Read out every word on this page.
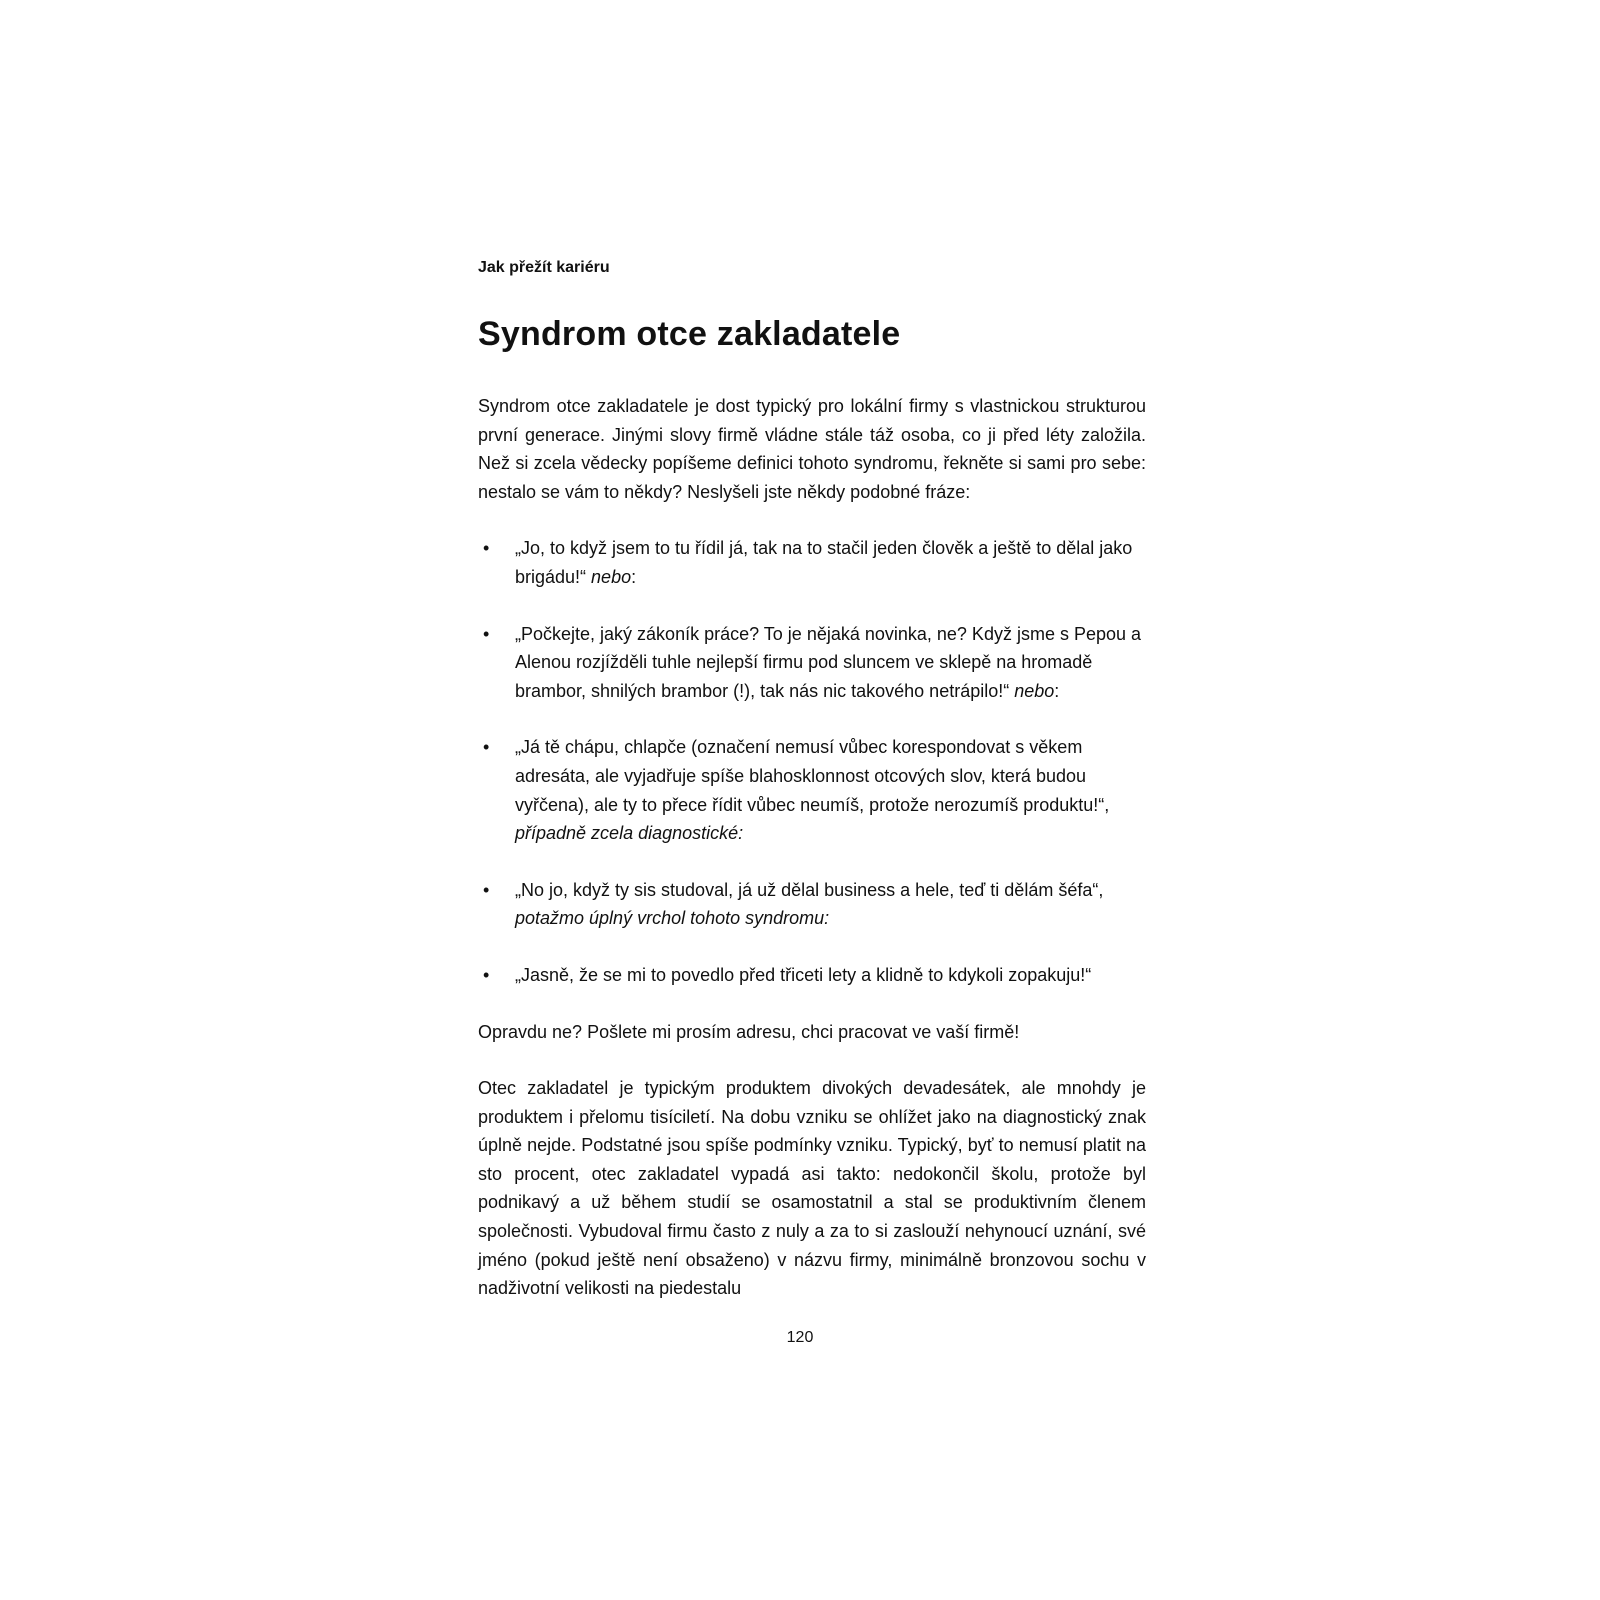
Jak přežít kariéru

Syndrom otce zakladatele

Syndrom otce zakladatele je dost typický pro lokální firmy s vlastnickou strukturou první generace. Jinými slovy firmě vládne stále táž osoba, co ji před léty založila. Než si zcela vědecky popíšeme definici tohoto syndromu, řekněte si sami pro sebe: nestalo se vám to někdy? Neslyšeli jste někdy podobné fráze:

• „Jo, to když jsem to tu řídil já, tak na to stačil jeden člověk a ještě to dělal jako brigádu!“ nebo:
• „Počkejte, jaký zákoník práce? To je nějaká novinka, ne? Když jsme s Pepou a Alenou rozjížděli tuhle nejlepší firmu pod sluncem ve sklepě na hromadě brambor, shnilých brambor (!), tak nás nic takového netrápilo!“ nebo:
• „Já tě chápu, chlapče (označení nemusí vůbec korespondovat s věkem adresáta, ale vyjadřuje spíše blahosklonnost otcových slov, která budou vyřčena), ale ty to přece řídit vůbec neumíš, protože nerozumíš produktu!“, případně zcela diagnostické:
• „No jo, když ty sis studoval, já už dělal business a hele, teď ti dělám šéfa“, potažmo úplný vrchol tohoto syndromu:
• „Jasně, že se mi to povedlo před třiceti lety a klidně to kdykoli zopakuju!“

Opravdu ne? Pošlete mi prosím adresu, chci pracovat ve vaší firmě!

Otec zakladatel je typickým produktem divokých devadesátek, ale mnohdy je produktem i přelomu tisíciletí. Na dobu vzniku se ohlížet jako na diagnostický znak úplně nejde. Podstatné jsou spíše podmínky vzniku. Typický, byť to nemusí platit na sto procent, otec zakladatel vypadá asi takto: nedokončil školu, protože byl podnikavý a už během studií se osamostatnil a stal se produktivním členem společnosti. Vybudoval firmu často z nuly a za to si zaslouží nehynoucí uznání, své jméno (pokud ještě není obsaženo) v názvu firmy, minimálně bronzovou sochu v nadživotní velikosti na piedestalu

120
